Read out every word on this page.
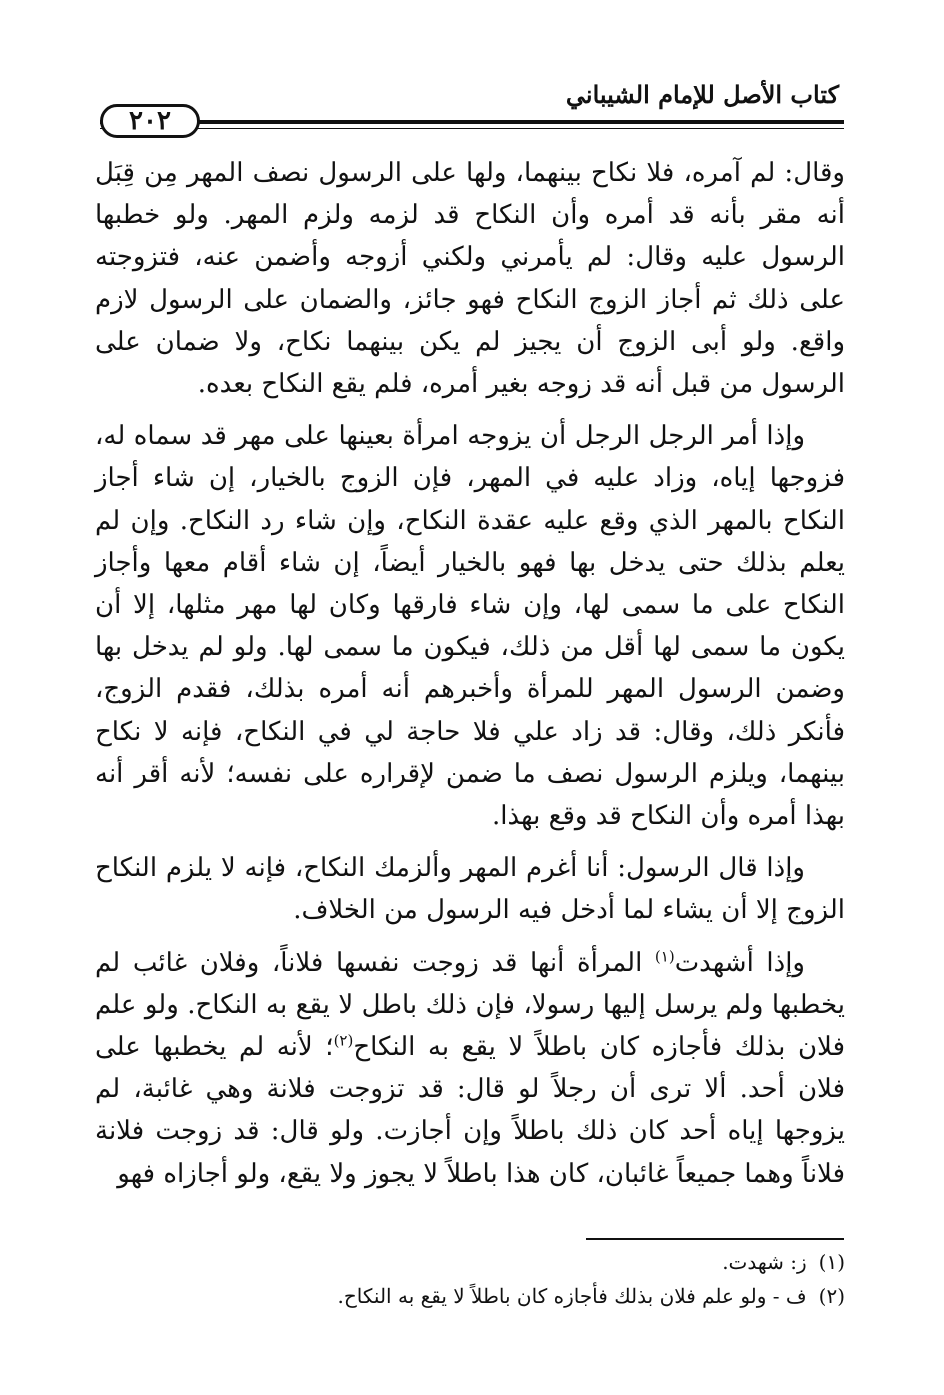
كتاب الأصل للإمام الشيباني
٢٠٢

وقال: لم آمره، فلا نكاح بينهما، ولها على الرسول نصف المهر مِن قِبَل أنه مقر بأنه قد أمره وأن النكاح قد لزمه ولزم المهر. ولو خطبها الرسول عليه وقال: لم يأمرني ولكني أزوجه وأضمن عنه، فتزوجته على ذلك ثم أجاز الزوج النكاح فهو جائز، والضمان على الرسول لازم واقع. ولو أبى الزوج أن يجيز لم يكن بينهما نكاح، ولا ضمان على الرسول من قبل أنه قد زوجه بغير أمره، فلم يقع النكاح بعده.

وإذا أمر الرجل الرجل أن يزوجه امرأة بعينها على مهر قد سماه له، فزوجها إياه، وزاد عليه في المهر، فإن الزوج بالخيار، إن شاء أجاز النكاح بالمهر الذي وقع عليه عقدة النكاح، وإن شاء رد النكاح. وإن لم يعلم بذلك حتى يدخل بها فهو بالخيار أيضاً، إن شاء أقام معها وأجاز النكاح على ما سمى لها، وإن شاء فارقها وكان لها مهر مثلها، إلا أن يكون ما سمى لها أقل من ذلك، فيكون ما سمى لها. ولو لم يدخل بها وضمن الرسول المهر للمرأة وأخبرهم أنه أمره بذلك، فقدم الزوج، فأنكر ذلك، وقال: قد زاد علي فلا حاجة لي في النكاح، فإنه لا نكاح بينهما، ويلزم الرسول نصف ما ضمن لإقراره على نفسه؛ لأنه أقر أنه بهذا أمره وأن النكاح قد وقع بهذا.

وإذا قال الرسول: أنا أغرم المهر وألزمك النكاح، فإنه لا يلزم النكاح الزوج إلا أن يشاء لما أدخل فيه الرسول من الخلاف.

وإذا أشهدت$^{(١)}$ المرأة أنها قد زوجت نفسها فلاناً، وفلان غائب لم يخطبها ولم يرسل إليها رسولا، فإن ذلك باطل لا يقع به النكاح. ولو علم فلان بذلك فأجازه كان باطلاً لا يقع به النكاح$^{(٢)}$؛ لأنه لم يخطبها على فلان أحد. ألا ترى أن رجلاً لو قال: قد تزوجت فلانة وهي غائبة، لم يزوجها إياه أحد كان ذلك باطلاً وإن أجازت. ولو قال: قد زوجت فلانة فلاناً وهما جميعاً غائبان، كان هذا باطلاً لا يجوز ولا يقع، ولو أجازاه فهو

(١)ز: شهدت.
(٢)ف - ولو علم فلان بذلك فأجازه كان باطلاً لا يقع به النكاح.
